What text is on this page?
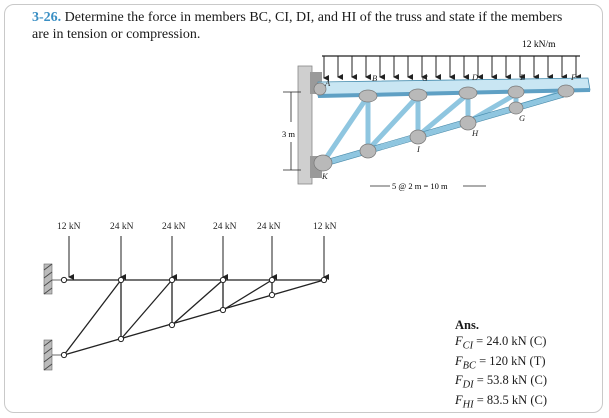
3-26. Determine the force in members BC, CI, DI, and HI of the truss and state if the members are in tension or compression.
12 kN/m
A	B	C	D	E	F
G
H
I
K
3 m
5 @ 2 m = 10 m
12 kN	24 kN	24 kN	24 kN 24 kN	12 kN
Ans.
$F_{CI} = 24.0$ kN (C)
$F_{BC} = 120$ kN (T)
$F_{DI} = 53.8$ kN (C)
$F_{HI} = 83.5$ kN (C)
